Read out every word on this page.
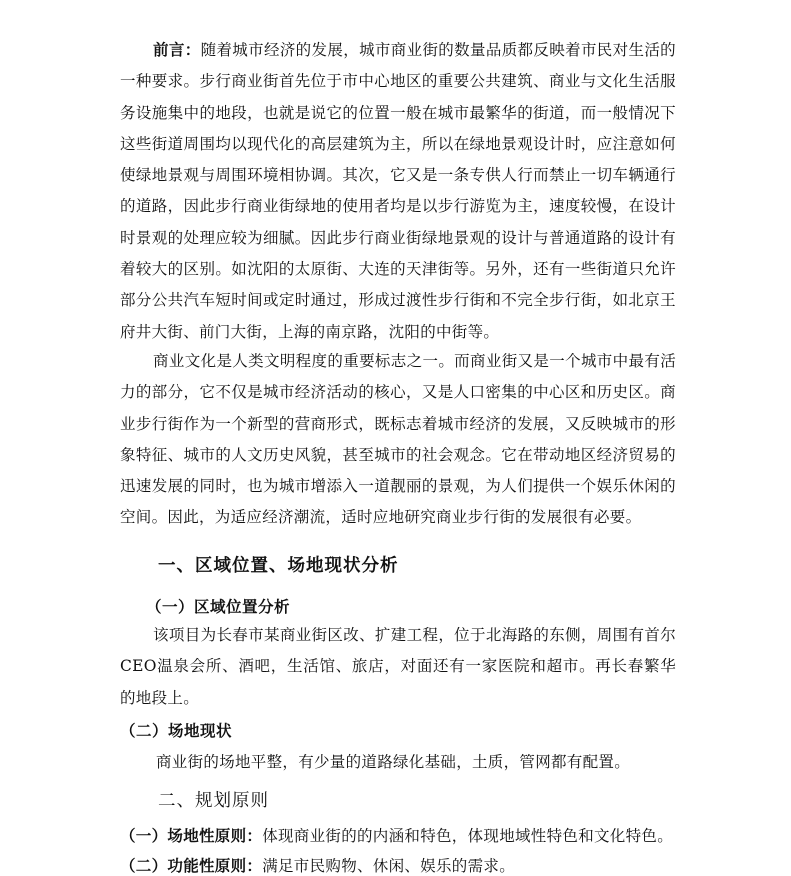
前言：随着城市经济的发展，城市商业街的数量品质都反映着市民对生活的一种要求。步行商业街首先位于市中心地区的重要公共建筑、商业与文化生活服务设施集中的地段，也就是说它的位置一般在城市最繁华的街道，而一般情况下这些街道周围均以现代化的高层建筑为主，所以在绿地景观设计时，应注意如何使绿地景观与周围环境相协调。其次，它又是一条专供人行而禁止一切车辆通行的道路，因此步行商业街绿地的使用者均是以步行游览为主，速度较慢，在设计时景观的处理应较为细腻。因此步行商业街绿地景观的设计与普通道路的设计有着较大的区别。如沈阳的太原街、大连的天津街等。另外，还有一些街道只允许部分公共汽车短时间或定时通过，形成过渡性步行街和不完全步行街，如北京王府井大街、前门大街，上海的南京路，沈阳的中街等。

商业文化是人类文明程度的重要标志之一。而商业街又是一个城市中最有活力的部分，它不仅是城市经济活动的核心，又是人口密集的中心区和历史区。商业步行街作为一个新型的营商形式，既标志着城市经济的发展，又反映城市的形象特征、城市的人文历史风貌，甚至城市的社会观念。它在带动地区经济贸易的迅速发展的同时，也为城市增添入一道靓丽的景观，为人们提供一个娱乐休闲的空间。因此，为适应经济潮流，适时应地研究商业步行街的发展很有必要。

一、区域位置、场地现状分析
（一）区域位置分析

该项目为长春市某商业街区改、扩建工程，位于北海路的东侧，周围有首尔CEO温泉会所、酒吧，生活馆、旅店，对面还有一家医院和超市。再长春繁华的地段上。

（二）场地现状

商业街的场地平整，有少量的道路绿化基础，土质，管网都有配置。

二、规划原则

（一）场地性原则：体现商业街的的内涵和特色，体现地域性特色和文化特色。

（二）功能性原则：满足市民购物、休闲、娱乐的需求。
